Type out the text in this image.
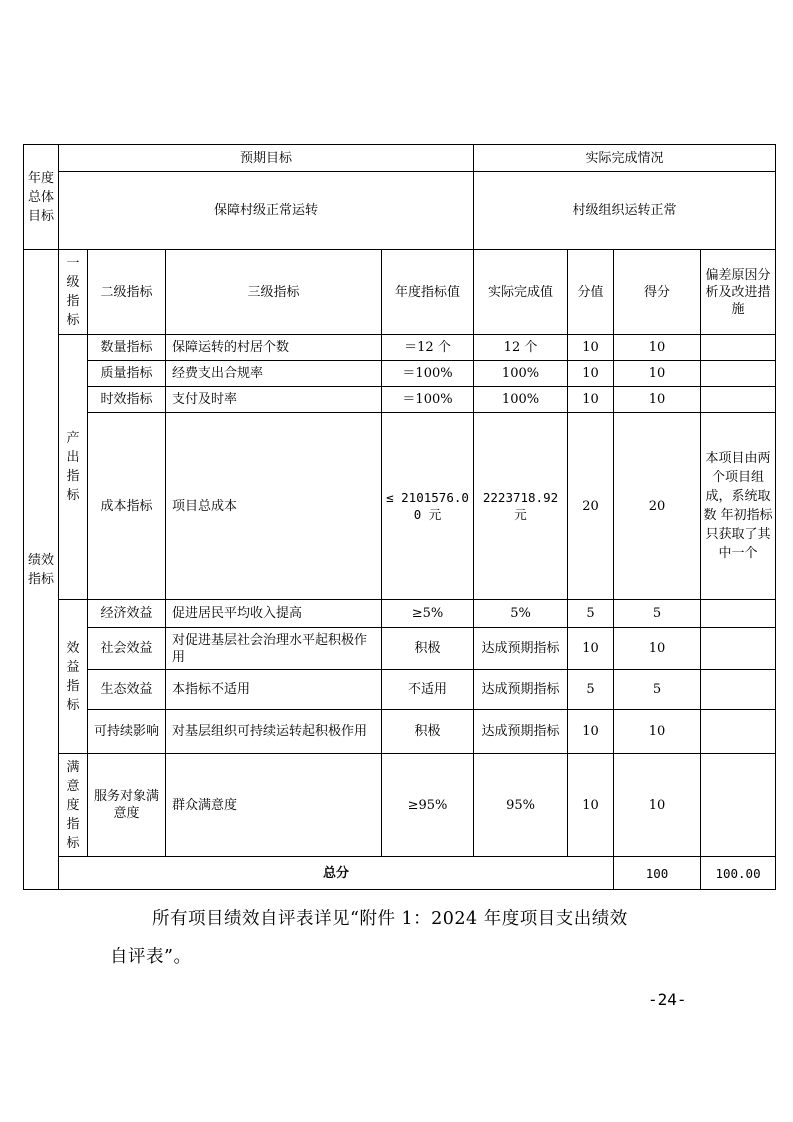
年度总体目标	预期目标				实际完成情况				
	保障村级正常运转				村级组织运转正常				
绩效指标	一级指标	二级指标	三级指标	年度指标值	实际完成值	分值	得分	偏差原因分析及改进措施	
	产出指标	数量指标	保障运转的村居个数	＝12 个	12 个	10	10		
		质量指标	经费支出合规率	＝100%	100%	10	10		
		时效指标	支付及时率	＝100%	100%	10	10		
		成本指标	项目总成本	≤ 2101576.00 元	2223718.92 元	20	20	本项目由两个项目组成，系统取数 年初指标只获取了其中一个	
	效益指标	经济效益	促进居民平均收入提高	≥5%	5%	5	5		
		社会效益	对促进基层社会治理水平起积极作用	积极	达成预期指标	10	10		
		生态效益	本指标不适用	不适用	达成预期指标	5	5		
		可持续影响	对基层组织可持续运转起积极作用	积极	达成预期指标	10	10		
	满意度指标	服务对象满意度	群众满意度	≥95%	95%	10	10		
	总分						100	100.00	
所有项目绩效自评表详见“附件 1：2024 年度项目支出绩效
自评表”。
-24-
